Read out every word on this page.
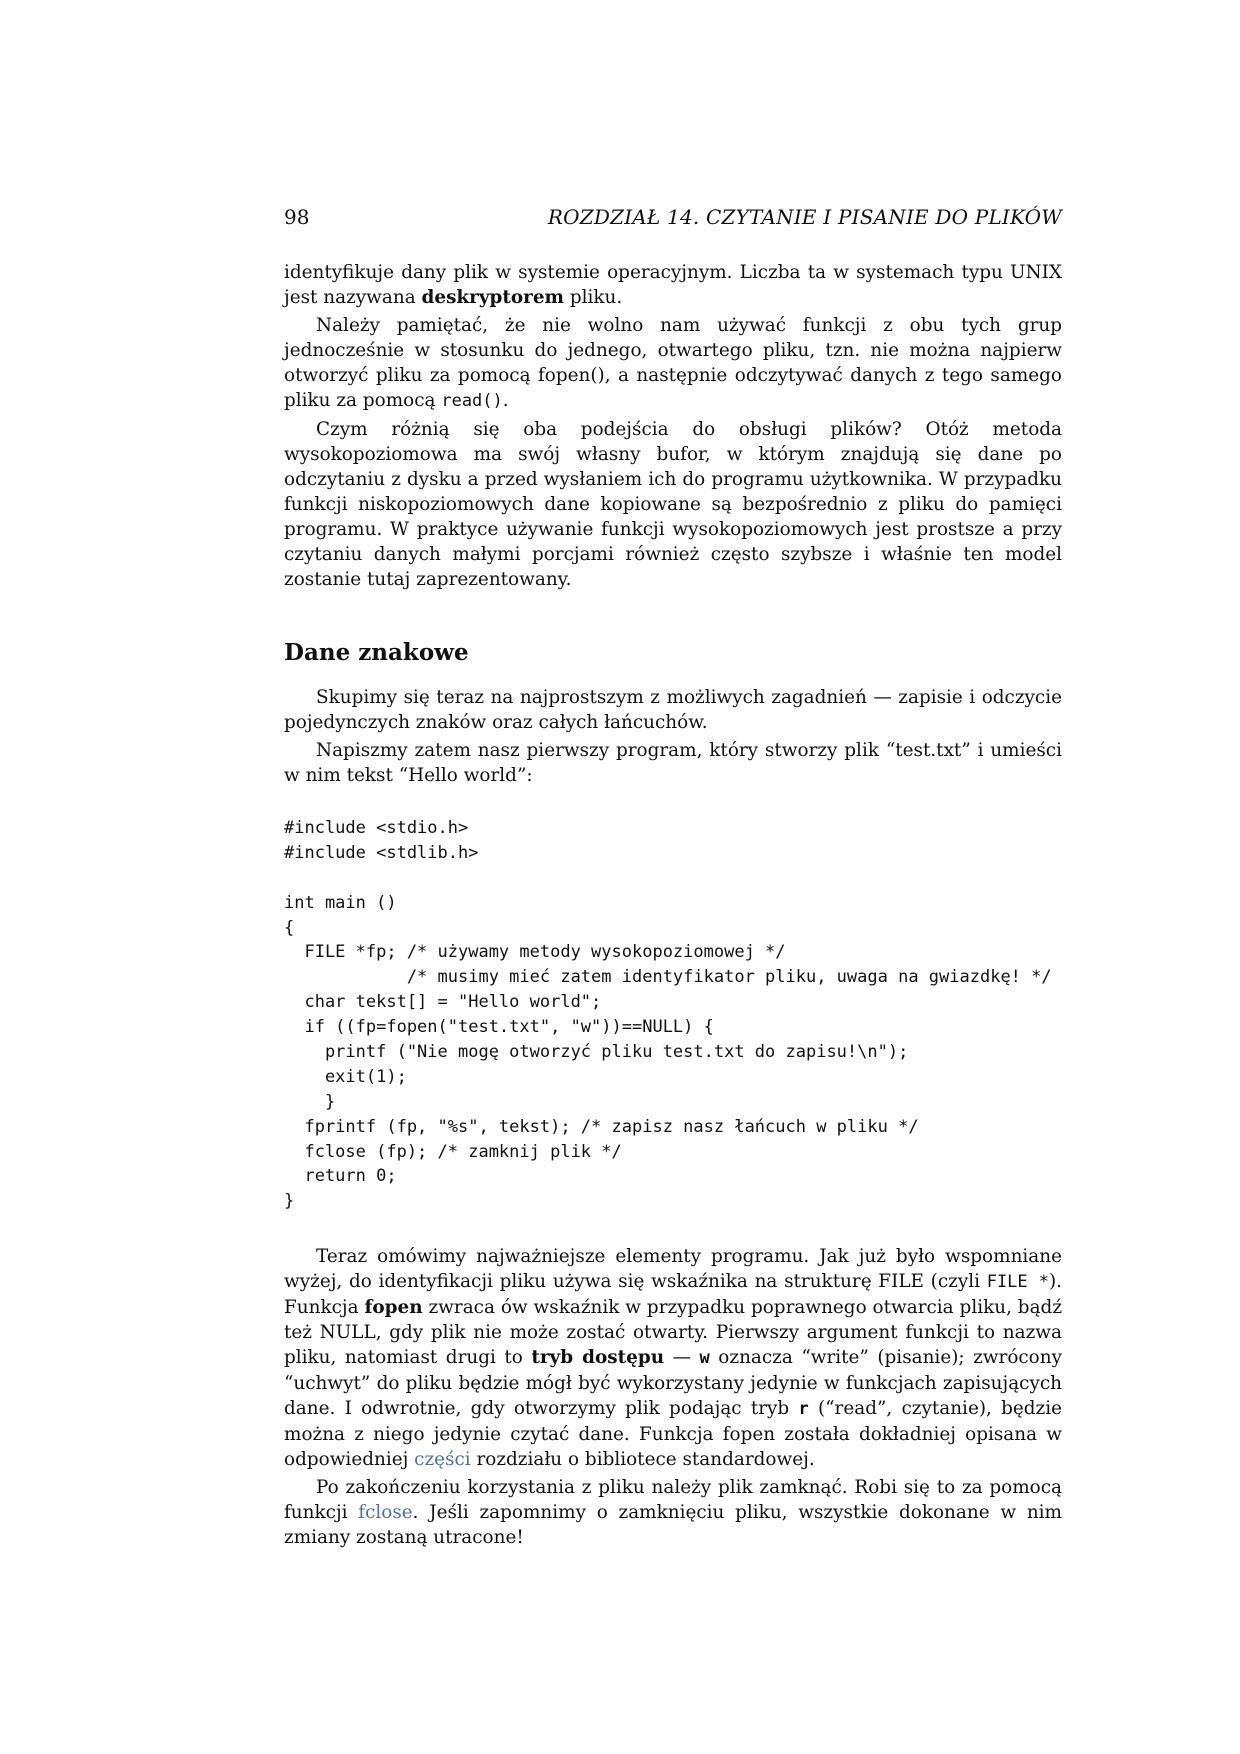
98	ROZDZIAŁ 14. CZYTANIE I PISANIE DO PLIKÓW

identyfikuje dany plik w systemie operacyjnym. Liczba ta w systemach typu UNIX jest nazywana deskryptorem pliku.

Należy pamiętać, że nie wolno nam używać funkcji z obu tych grup jednocześnie w stosunku do jednego, otwartego pliku, tzn. nie można najpierw otworzyć pliku za pomocą fopen(), a następnie odczytywać danych z tego samego pliku za pomocą read().

Czym różnią się oba podejścia do obsługi plików? Otóż metoda wysokopoziomowa ma swój własny bufor, w którym znajdują się dane po odczytaniu z dysku a przed wysłaniem ich do programu użytkownika. W przypadku funkcji niskopoziomowych dane kopiowane są bezpośrednio z pliku do pamięci programu. W praktyce używanie funkcji wysokopoziomowych jest prostsze a przy czytaniu danych małymi porcjami również często szybsze i właśnie ten model zostanie tutaj zaprezentowany.

Dane znakowe

Skupimy się teraz na najprostszym z możliwych zagadnień — zapisie i odczycie pojedynczych znaków oraz całych łańcuchów.

Napiszmy zatem nasz pierwszy program, który stworzy plik “test.txt” i umieści w nim tekst “Hello world”:

#include <stdio.h>
#include <stdlib.h>
int main ()
{
FILE *fp; /* używamy metody wysokopoziomowej */
/* musimy mieć zatem identyfikator pliku, uwaga na gwiazdkę! */
char tekst[] = "Hello world";
if ((fp=fopen("test.txt", "w"))==NULL) {
printf ("Nie mogę otworzyć pliku test.txt do zapisu!\n");
exit(1);
}
fprintf (fp, "%s", tekst); /* zapisz nasz łańcuch w pliku */
fclose (fp); /* zamknij plik */
return 0;
}

Teraz omówimy najważniejsze elementy programu. Jak już było wspomniane wyżej, do identyfikacji pliku używa się wskaźnika na strukturę FILE (czyli FILE *). Funkcja fopen zwraca ów wskaźnik w przypadku poprawnego otwarcia pliku, bądź też NULL, gdy plik nie może zostać otwarty. Pierwszy argument funkcji to nazwa pliku, natomiast drugi to tryb dostępu — w oznacza “write” (pisanie); zwrócony “uchwyt” do pliku będzie mógł być wykorzystany jedynie w funkcjach zapisujących dane. I odwrotnie, gdy otworzymy plik podając tryb r (“read”, czytanie), będzie można z niego jedynie czytać dane. Funkcja fopen została dokładniej opisana w odpowiedniej części rozdziału o bibliotece standardowej.

Po zakończeniu korzystania z pliku należy plik zamknąć. Robi się to za pomocą funkcji fclose. Jeśli zapomnimy o zamknięciu pliku, wszystkie dokonane w nim zmiany zostaną utracone!
